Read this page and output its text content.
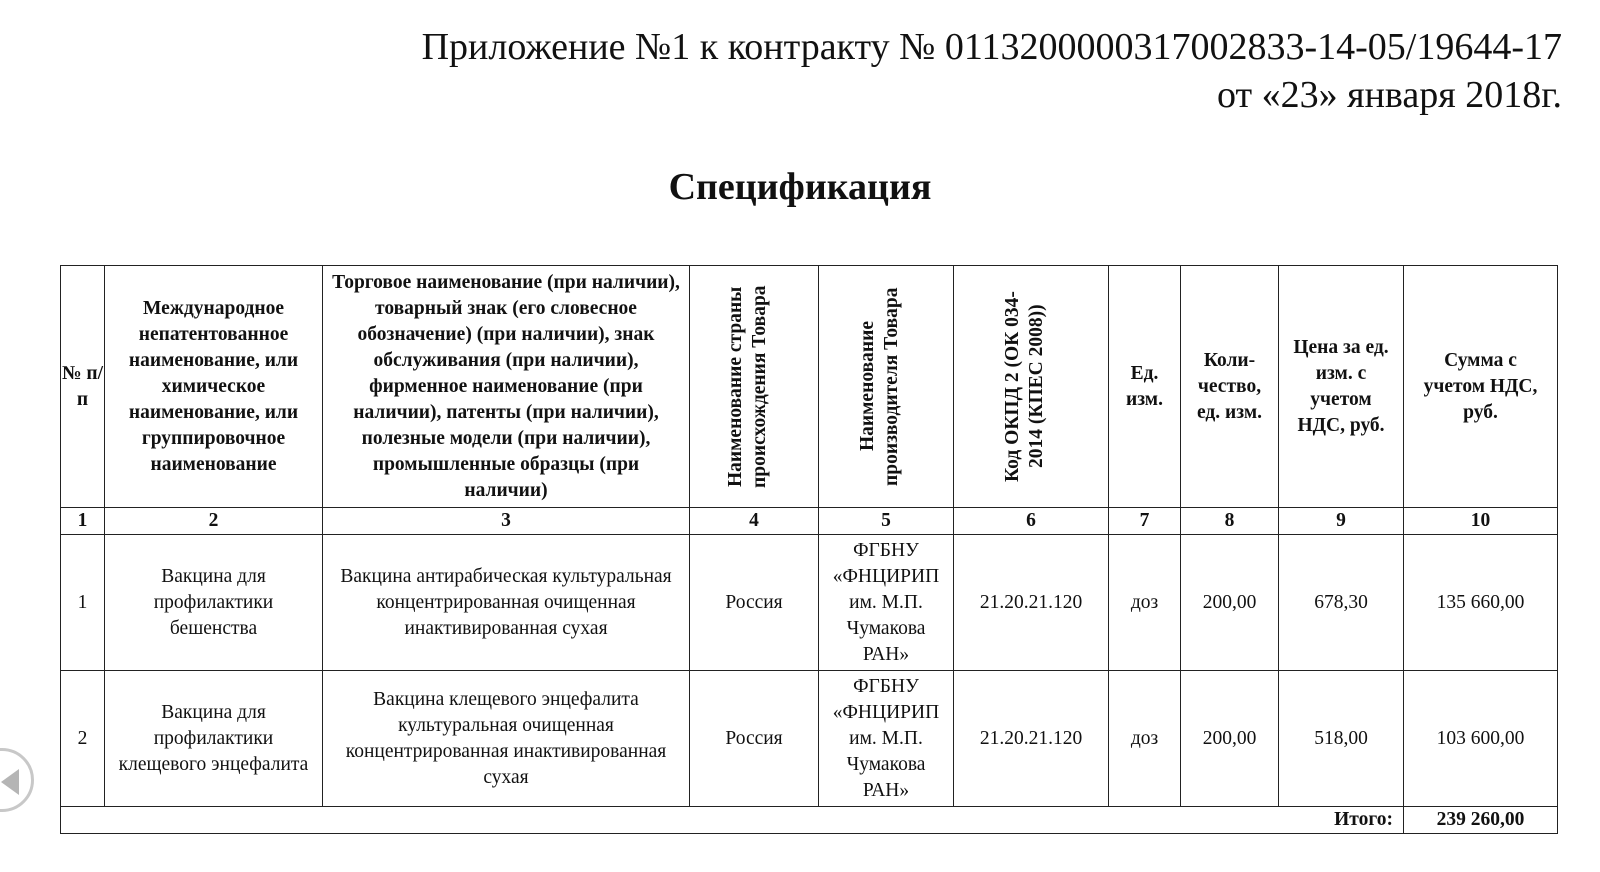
Приложение №1 к контракту № 0113200000317002833-14-05/19644-17
от «23» января 2018г.
Спецификация
№ п/п	Международное непатентованное наименование, или химическое наименование, или группировочное наименование	Торговое наименование (при наличии), товарный знак (его словесное обозначение) (при наличии), знак обслуживания (при наличии), фирменное наименование (при наличии), патенты (при наличии), полезные модели (при наличии), промышленные образцы (при наличии)	Наименование страны происхождения Товара	Наименование производителя Товара	Код ОКПД 2 (ОК 034-2014 (КПЕС 2008))	Ед. изм.	Коли-чество, ед. изм.	Цена за ед. изм. с учетом НДС, руб.	Сумма с учетом НДС, руб.
1	2	3	4	5	6	7	8	9	10
1	Вакцина для профилактики бешенства	Вакцина антирабическая культуральная концентрированная очищенная инактивированная сухая	Россия	ФГБНУ «ФНЦИРИП им. М.П. Чумакова РАН»	21.20.21.120	доз	200,00	678,30	135 660,00
2	Вакцина для профилактики клещевого энцефалита	Вакцина клещевого энцефалита культуральная очищенная концентрированная инактивированная сухая	Россия	ФГБНУ «ФНЦИРИП им. М.П. Чумакова РАН»	21.20.21.120	доз	200,00	518,00	103 600,00
Итого:									239 260,00
